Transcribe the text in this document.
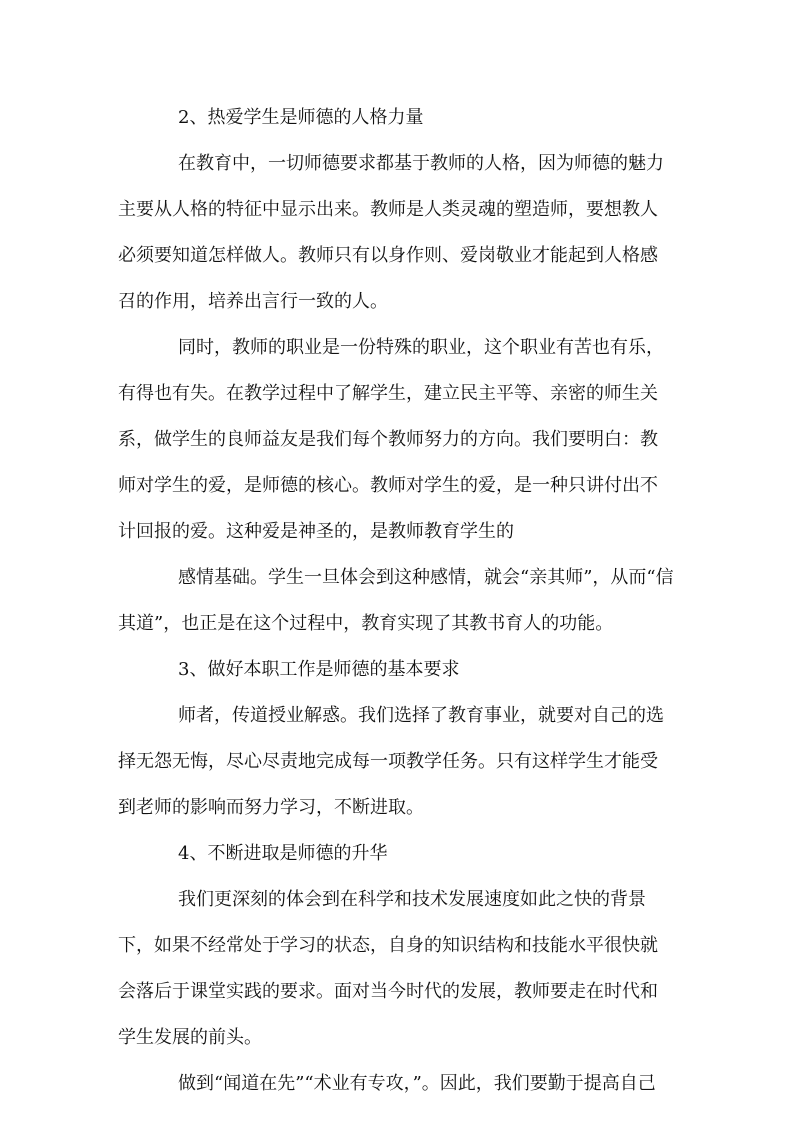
2、热爱学生是师德的人格力量
在教育中，一切师德要求都基于教师的人格，因为师德的魅力
主要从人格的特征中显示出来。教师是人类灵魂的塑造师，要想教人
必须要知道怎样做人。教师只有以身作则、爱岗敬业才能起到人格感
召的作用，培养出言行一致的人。
同时，教师的职业是一份特殊的职业，这个职业有苦也有乐，
有得也有失。在教学过程中了解学生，建立民主平等、亲密的师生关
系，做学生的良师益友是我们每个教师努力的方向。我们要明白：教
师对学生的爱，是师德的核心。教师对学生的爱，是一种只讲付出不
计回报的爱。这种爱是神圣的，是教师教育学生的
感情基础。学生一旦体会到这种感情，就会“亲其师”，从而“信
其道”，也正是在这个过程中，教育实现了其教书育人的功能。
3、做好本职工作是师德的基本要求
师者，传道授业解惑。我们选择了教育事业，就要对自己的选
择无怨无悔，尽心尽责地完成每一项教学任务。只有这样学生才能受
到老师的影响而努力学习，不断进取。
4、不断进取是师德的升华
我们更深刻的体会到在科学和技术发展速度如此之快的背景
下，如果不经常处于学习的状态，自身的知识结构和技能水平很快就
会落后于课堂实践的要求。面对当今时代的发展，教师要走在时代和
学生发展的前头。
做到“闻道在先”“术业有专攻，”。因此，我们要勤于提高自己
